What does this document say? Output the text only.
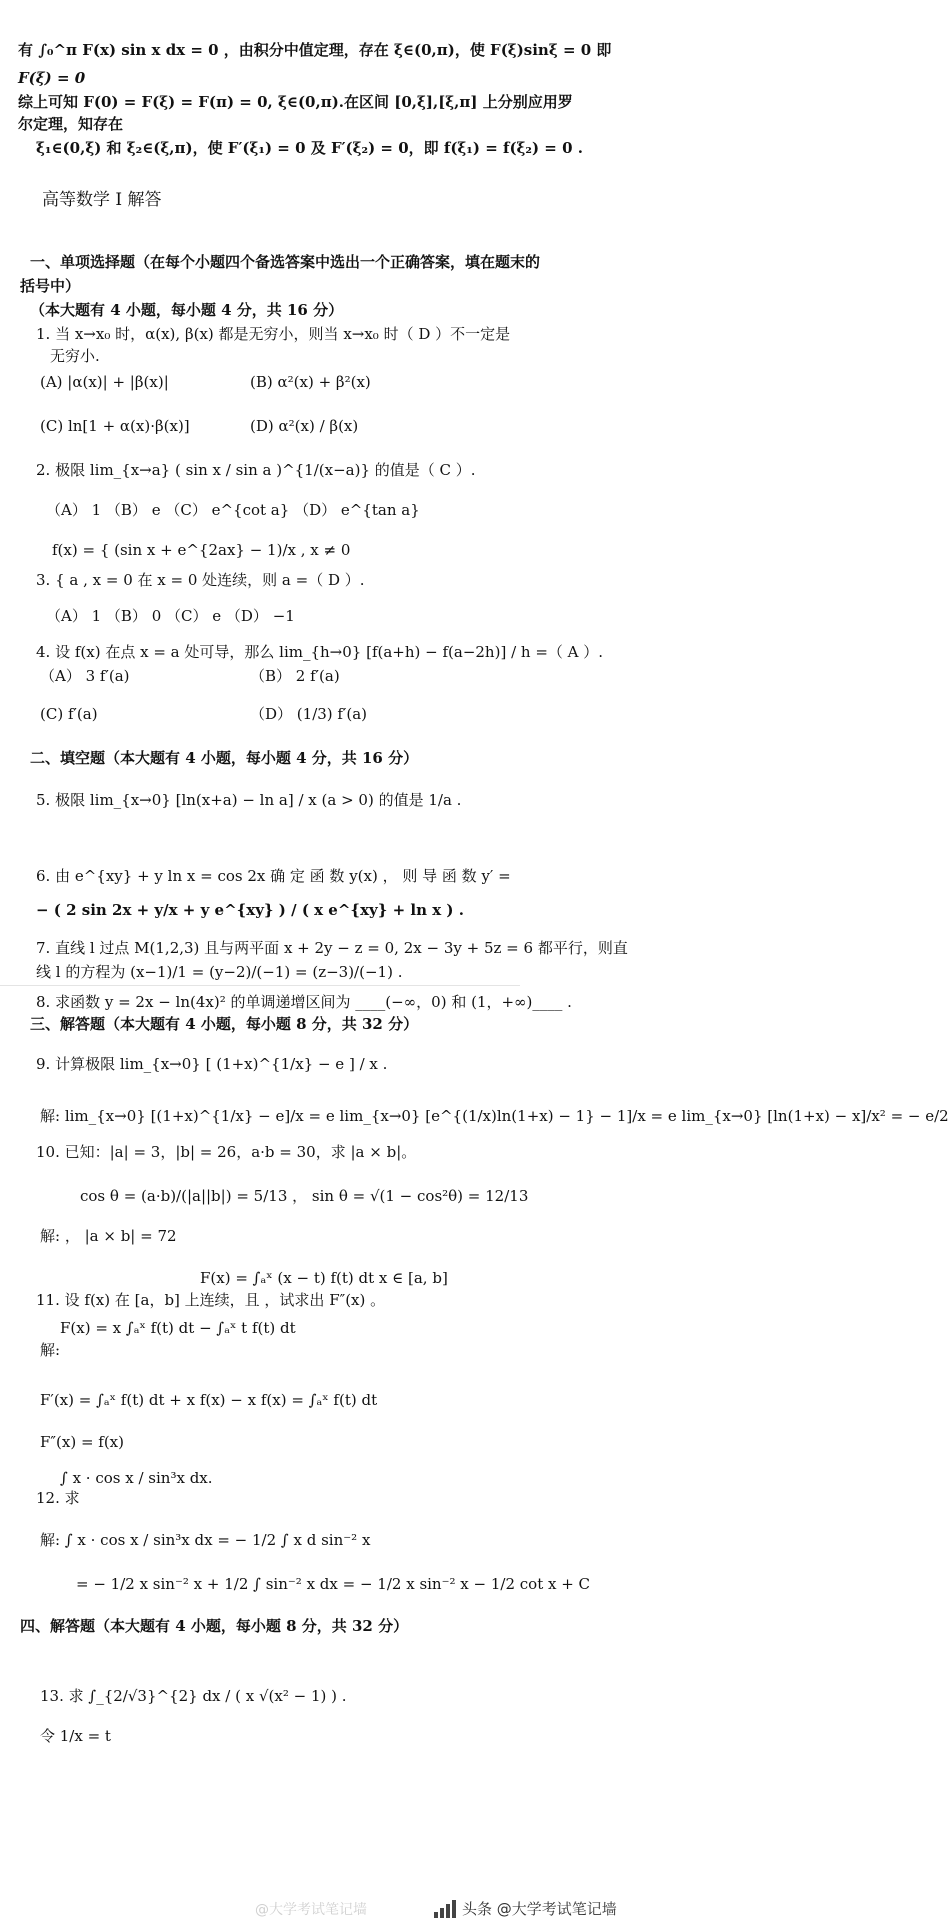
有 ∫₀^π F(x) sin x dx = 0 ，由积分中值定理，存在 ξ∈(0,π)，使 F(ξ)sinξ = 0 即
F(ξ) = 0
综上可知 F(0) = F(ξ) = F(π) = 0, ξ∈(0,π).在区间 [0,ξ],[ξ,π] 上分别应用罗
尔定理，知存在
ξ₁∈(0,ξ) 和 ξ₂∈(ξ,π)，使 F′(ξ₁) = 0 及 F′(ξ₂) = 0，即 f(ξ₁) = f(ξ₂) = 0 .
高等数学 I 解答
一、单项选择题（在每个小题四个备选答案中选出一个正确答案，填在题末的
括号中）
（本大题有 4 小题，每小题 4 分，共 16 分）
1. 当 x→x₀ 时，α(x), β(x) 都是无穷小，则当 x→x₀ 时（ D ）不一定是
无穷小.
(A) |α(x)| + |β(x)|	(B) α²(x) + β²(x)
(C) ln[1 + α(x)·β(x)]	(D) α²(x) / β(x)
2. 极限 lim_{x→a} ( sin x / sin a )^{1/(x−a)} 的值是（ C ）.
（A） 1 （B） e （C） e^{cot a} （D） e^{tan a}
f(x) = { (sin x + e^{2ax} − 1)/x , x ≠ 0
3. { a , x = 0 在 x = 0 处连续，则 a =（ D ）.
（A） 1 （B） 0 （C） e （D） −1
4. 设 f(x) 在点 x = a 处可导，那么 lim_{h→0} [f(a+h) − f(a−2h)] / h =（ A ）.
（A） 3 f′(a)	（B） 2 f′(a)
(C) f′(a)	（D） (1/3) f′(a)
二、填空题（本大题有 4 小题，每小题 4 分，共 16 分）
5. 极限 lim_{x→0} [ln(x+a) − ln a] / x (a > 0) 的值是 1/a .
6. 由 e^{xy} + y ln x = cos 2x 确 定 函 数 y(x) ， 则 导 函 数 y′ =
− ( 2 sin 2x + y/x + y e^{xy} ) / ( x e^{xy} + ln x ) .
7. 直线 l 过点 M(1,2,3) 且与两平面 x + 2y − z = 0, 2x − 3y + 5z = 6 都平行，则直
线 l 的方程为 (x−1)/1 = (y−2)/(−1) = (z−3)/(−1) .
8. 求函数 y = 2x − ln(4x)² 的单调递增区间为 ____(−∞，0) 和 (1，+∞)____ .
三、解答题（本大题有 4 小题，每小题 8 分，共 32 分）
9. 计算极限 lim_{x→0} [ (1+x)^{1/x} − e ] / x .
解: lim_{x→0} [(1+x)^{1/x} − e]/x = e lim_{x→0} [e^{(1/x)ln(1+x) − 1} − 1]/x = e lim_{x→0} [ln(1+x) − x]/x² = − e/2
10. 已知：|a| = 3，|b| = 26，a·b = 30，求 |a × b|。
cos θ = (a·b)/(|a||b|) = 5/13 ， sin θ = √(1 − cos²θ) = 12/13
解: ， |a × b| = 72
F(x) = ∫ₐˣ (x − t) f(t) dt x ∈ [a, b]
11. 设 f(x) 在 [a，b] 上连续，且 ，试求出 F″(x) 。
F(x) = x ∫ₐˣ f(t) dt − ∫ₐˣ t f(t) dt
解:
F′(x) = ∫ₐˣ f(t) dt + x f(x) − x f(x) = ∫ₐˣ f(t) dt
F″(x) = f(x)
∫ x · cos x / sin³x dx.
12. 求
解: ∫ x · cos x / sin³x dx = − 1/2 ∫ x d sin⁻² x
= − 1/2 x sin⁻² x + 1/2 ∫ sin⁻² x dx = − 1/2 x sin⁻² x − 1/2 cot x + C
四、解答题（本大题有 4 小题，每小题 8 分，共 32 分）
13. 求 ∫_{2/√3}^{2} dx / ( x √(x² − 1) ) .
令 1/x = t
@大学考试笔记墙	头条 @大学考试笔记墙
